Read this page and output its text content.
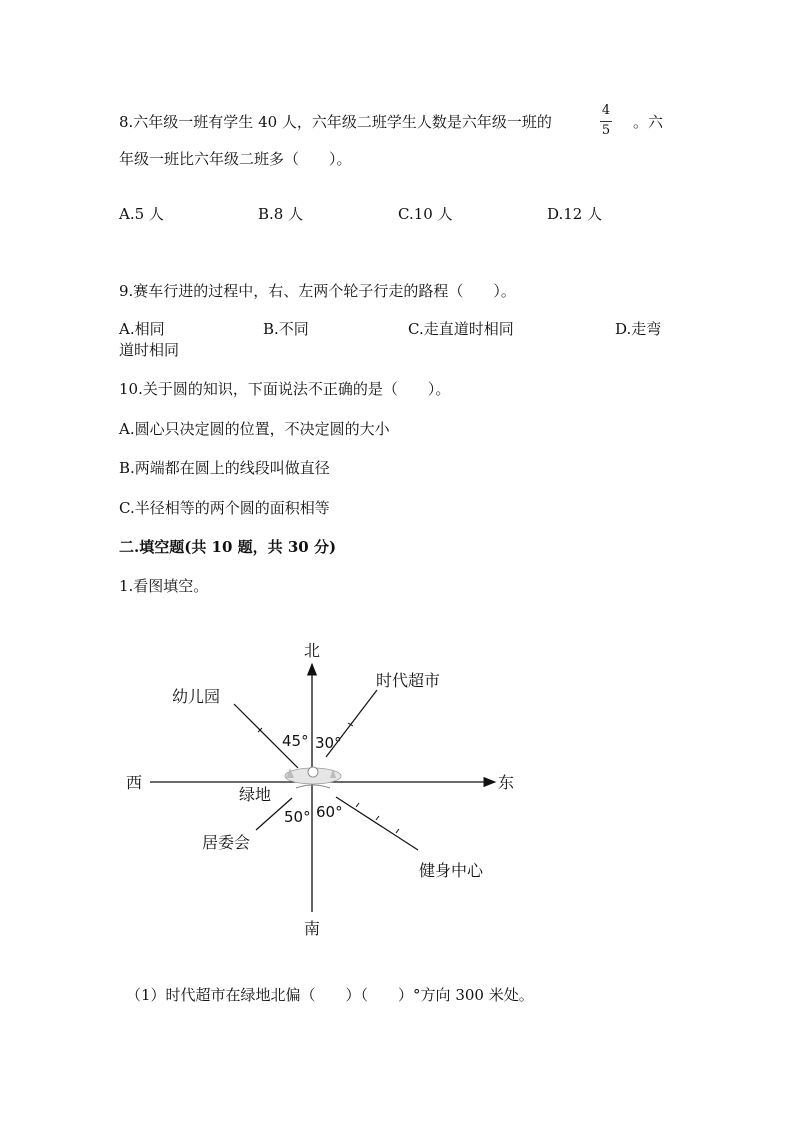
8.六年级一班有学生 40 人，六年级二班学生人数是六年级一班的
4
5 。六
年级一班比六年级二班多（　　）。
A.5 人	B.8 人	C.10 人	D.12 人
9.赛车行进的过程中，右、左两个轮子行走的路程（　　）。
A.相同	B.不同	C.走直道时相同	D.走弯
道时相同
10.关于圆的知识，下面说法不正确的是（　　）。
A.圆心只决定圆的位置，不决定圆的大小
B.两端都在圆上的线段叫做直径
C.半径相等的两个圆的面积相等
二.填空题(共 10 题，共 30 分)
1.看图填空。
北
南
东
西
绿地
时代超市
幼儿园
居委会
健身中心
45° 30°
50° 60°
（1）时代超市在绿地北偏（　　）（　　）°方向 300 米处。
